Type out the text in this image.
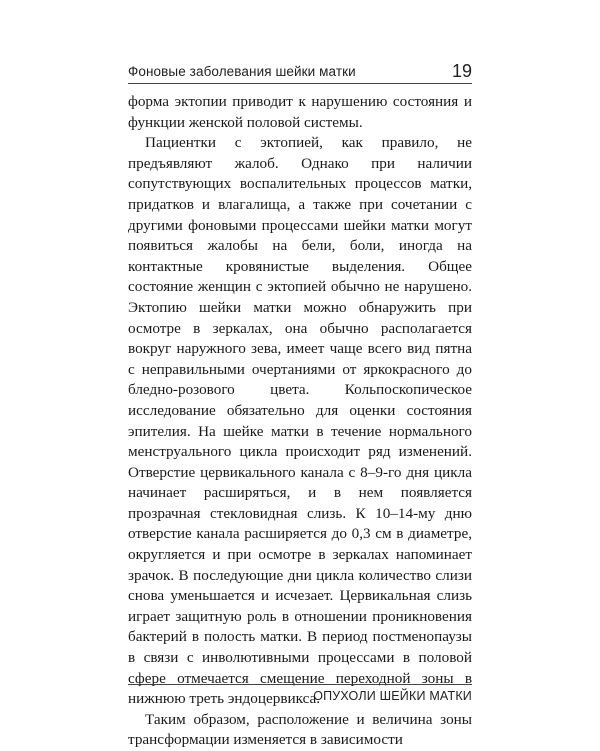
Фоновые заболевания шейки матки	19

форма эктопии приводит к нарушению состояния и функции женской половой системы.

Пациентки с эктопией, как правило, не предъявляют жалоб. Однако при наличии сопутствующих воспалительных процессов матки, придатков и влагалища, а также при сочетании с другими фоновыми процессами шейки матки могут появиться жалобы на бели, боли, иногда на контактные кровянистые выделения. Общее состояние женщин с эктопией обычно не нарушено. Эктопию шейки матки можно обнаружить при осмотре в зеркалах, она обычно располагается вокруг наружного зева, имеет чаще всего вид пятна с неправильными очертаниями от яркокрасного до бледно-розового цвета. Кольпоскопическое исследование обязательно для оценки состояния эпителия. На шейке матки в течение нормального менструального цикла происходит ряд изменений. Отверстие цервикального канала с 8–9-го дня цикла начинает расширяться, и в нем появляется прозрачная стекловидная слизь. К 10–14-му дню отверстие канала расширяется до 0,3 см в диаметре, округляется и при осмотре в зеркалах напоминает зрачок. В последующие дни цикла количество слизи снова уменьшается и исчезает. Цервикальная слизь играет защитную роль в отношении проникновения бактерий в полость матки. В период постменопаузы в связи с инволютивными процессами в половой сфере отмечается смещение переходной зоны в нижнюю треть эндоцервикса.

Таким образом, расположение и величина зоны трансформации изменяется в зависимости

ОПУХОЛИ ШЕЙКИ МАТКИ
